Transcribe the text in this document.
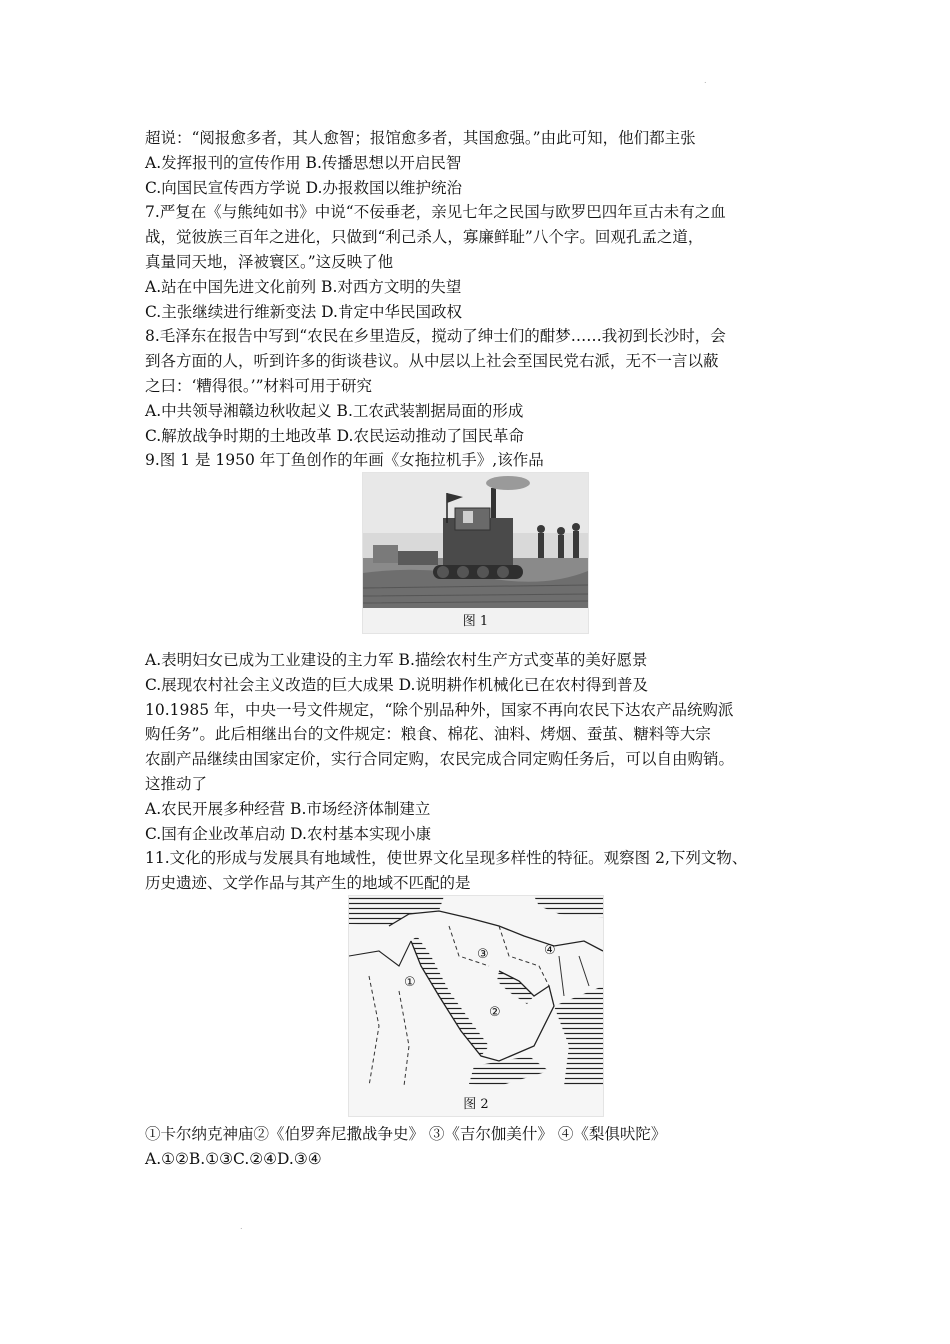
.
超说：“阅报愈多者，其人愈智；报馆愈多者，其国愈强。”由此可知，他们都主张
A.发挥报刊的宣传作用 B.传播思想以开启民智
C.向国民宣传西方学说 D.办报救国以维护统治
7.严复在《与熊纯如书》中说“不佞垂老，亲见七年之民国与欧罗巴四年亘古未有之血
战，觉彼族三百年之进化，只做到“利己杀人，寡廉鲜耻”八个字。回观孔孟之道，
真量同天地，泽被寰区。”这反映了他
A.站在中国先进文化前列 B.对西方文明的失望
C.主张继续进行维新变法 D.肯定中华民国政权
8.毛泽东在报告中写到“农民在乡里造反，搅动了绅士们的酣梦……我初到长沙时，会
到各方面的人，听到许多的街谈巷议。从中层以上社会至国民党右派，无不一言以蔽
之曰：‘糟得很。’”材料可用于研究
A.中共领导湘赣边秋收起义 B.工农武装割据局面的形成
C.解放战争时期的土地改革 D.农民运动推动了国民革命
9.图 1 是 1950 年丁鱼创作的年画《女拖拉机手》,该作品
图 1
A.表明妇女已成为工业建设的主力军 B.描绘农村生产方式变革的美好愿景
C.展现农村社会主义改造的巨大成果 D.说明耕作机械化已在农村得到普及
10.1985 年，中央一号文件规定，“除个别品种外，国家不再向农民下达农产品统购派
购任务”。此后相继出台的文件规定：粮食、棉花、油料、烤烟、蚕茧、糖料等大宗
农副产品继续由国家定价，实行合同定购，农民完成合同定购任务后，可以自由购销。
这推动了
A.农民开展多种经营 B.市场经济体制建立
C.国有企业改革启动 D.农村基本实现小康
11.文化的形成与发展具有地域性，使世界文化呈现多样性的特征。观察图 2,下列文物、
历史遗迹、文学作品与其产生的地域不匹配的是
①
②
③	④
图 2
①卡尔纳克神庙②《伯罗奔尼撒战争史》 ③《吉尔伽美什》 ④《梨俱吠陀》
A.①②B.①③C.②④D.③④
.
